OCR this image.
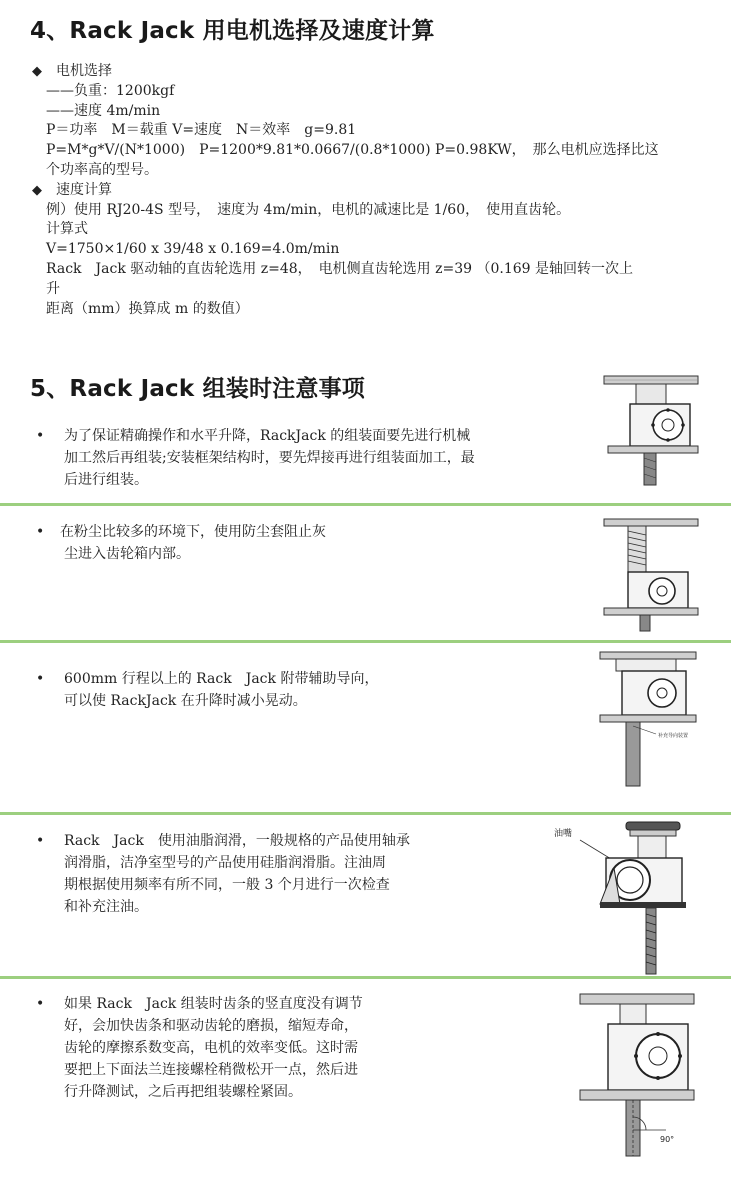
4、Rack Jack 用电机选择及速度计算
◆ 电机选择
——负重：1200kgf
——速度 4m/min
P＝功率　M＝载重 V=速度　N＝效率　g=9.81
P=M*g*V/(N*1000)　P=1200*9.81*0.0667/(0.8*1000) P=0.98KW，　那么电机应选择比这
个功率高的型号。
◆ 速度计算
例）使用 RJ20-4S 型号，　速度为 4m/min，电机的减速比是 1/60，　使用直齿轮。
计算式
V=1750×1/60 x 39/48 x 0.169=4.0m/min
Rack　Jack 驱动轴的直齿轮选用 z=48，　电机侧直齿轮选用 z=39 （0.169 是轴回转一次上
升
距离（mm）换算成 m 的数值）
5、Rack Jack 组装时注意事项
• 为了保证精确操作和水平升降，RackJack 的组装面要先进行机械
加工然后再组装;安装框架结构时，要先焊接再进行组装面加工，最
后进行组装。
• 在粉尘比较多的环境下，使用防尘套阻止灰
尘进入齿轮箱内部。
• 600mm 行程以上的 Rack　Jack 附带辅助导向，
可以使 RackJack 在升降时减小晃动。
补充导向装置
• Rack　Jack　使用油脂润滑，一般规格的产品使用轴承
润滑脂，洁净室型号的产品使用硅脂润滑脂。注油周
期根据使用频率有所不同，一般 3 个月进行一次检查
和补充注油。
油嘴
• 如果 Rack　Jack 组装时齿条的竖直度没有调节
好，会加快齿条和驱动齿轮的磨损，缩短寿命，
齿轮的摩擦系数变高，电机的效率变低。这时需
要把上下面法兰连接螺栓稍微松开一点，然后进
行升降测试，之后再把组装螺栓紧固。
90°
